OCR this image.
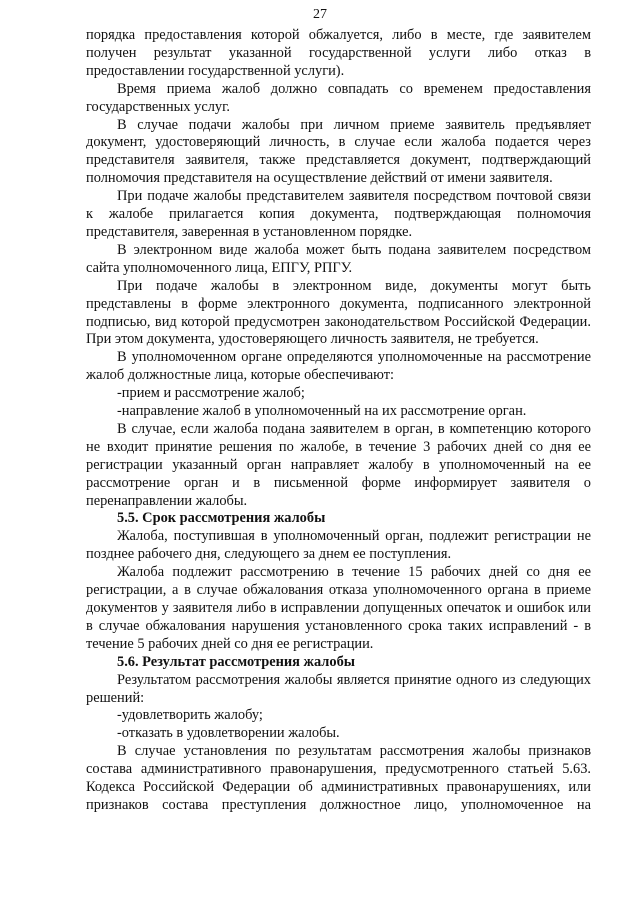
27

порядка предоставления которой обжалуется, либо в месте, где заявителем получен результат указанной государственной услуги либо отказ в предоставлении государственной услуги).

Время приема жалоб должно совпадать со временем предоставления государственных услуг.

В случае подачи жалобы при личном приеме заявитель предъявляет документ, удостоверяющий личность, в случае если жалоба подается через представителя заявителя, также представляется документ, подтверждающий полномочия представителя на осуществление действий от имени заявителя.

При подаче жалобы представителем заявителя посредством почтовой связи к жалобе прилагается копия документа, подтверждающая полномочия представителя, заверенная в установленном порядке.

В электронном виде жалоба может быть подана заявителем посредством сайта уполномоченного лица, ЕПГУ, РПГУ.

При подаче жалобы в электронном виде, документы могут быть представлены в форме электронного документа, подписанного электронной подписью, вид которой предусмотрен законодательством Российской Федерации. При этом документа, удостоверяющего личность заявителя, не требуется.

В уполномоченном органе определяются уполномоченные на рассмотрение жалоб должностные лица, которые обеспечивают:

-прием и рассмотрение жалоб;

-направление жалоб в уполномоченный на их рассмотрение орган.

В случае, если жалоба подана заявителем в орган, в компетенцию которого не входит принятие решения по жалобе, в течение 3 рабочих дней со дня ее регистрации указанный орган направляет жалобу в уполномоченный на ее рассмотрение орган и в письменной форме информирует заявителя о перенаправлении жалобы.

5.5. Срок рассмотрения жалобы

Жалоба, поступившая в уполномоченный орган, подлежит регистрации не позднее рабочего дня, следующего за днем ее поступления.

Жалоба подлежит рассмотрению в течение 15 рабочих дней со дня ее регистрации, а в случае обжалования отказа уполномоченного органа в приеме документов у заявителя либо в исправлении допущенных опечаток и ошибок или в случае обжалования нарушения установленного срока таких исправлений - в течение 5 рабочих дней со дня ее регистрации.

5.6. Результат рассмотрения жалобы

Результатом рассмотрения жалобы является принятие одного из следующих решений:

-удовлетворить жалобу;

-отказать в удовлетворении жалобы.

В случае установления по результатам рассмотрения жалобы признаков состава административного правонарушения, предусмотренного статьей 5.63. Кодекса Российской Федерации об административных правонарушениях, или признаков состава преступления должностное лицо, уполномоченное на
